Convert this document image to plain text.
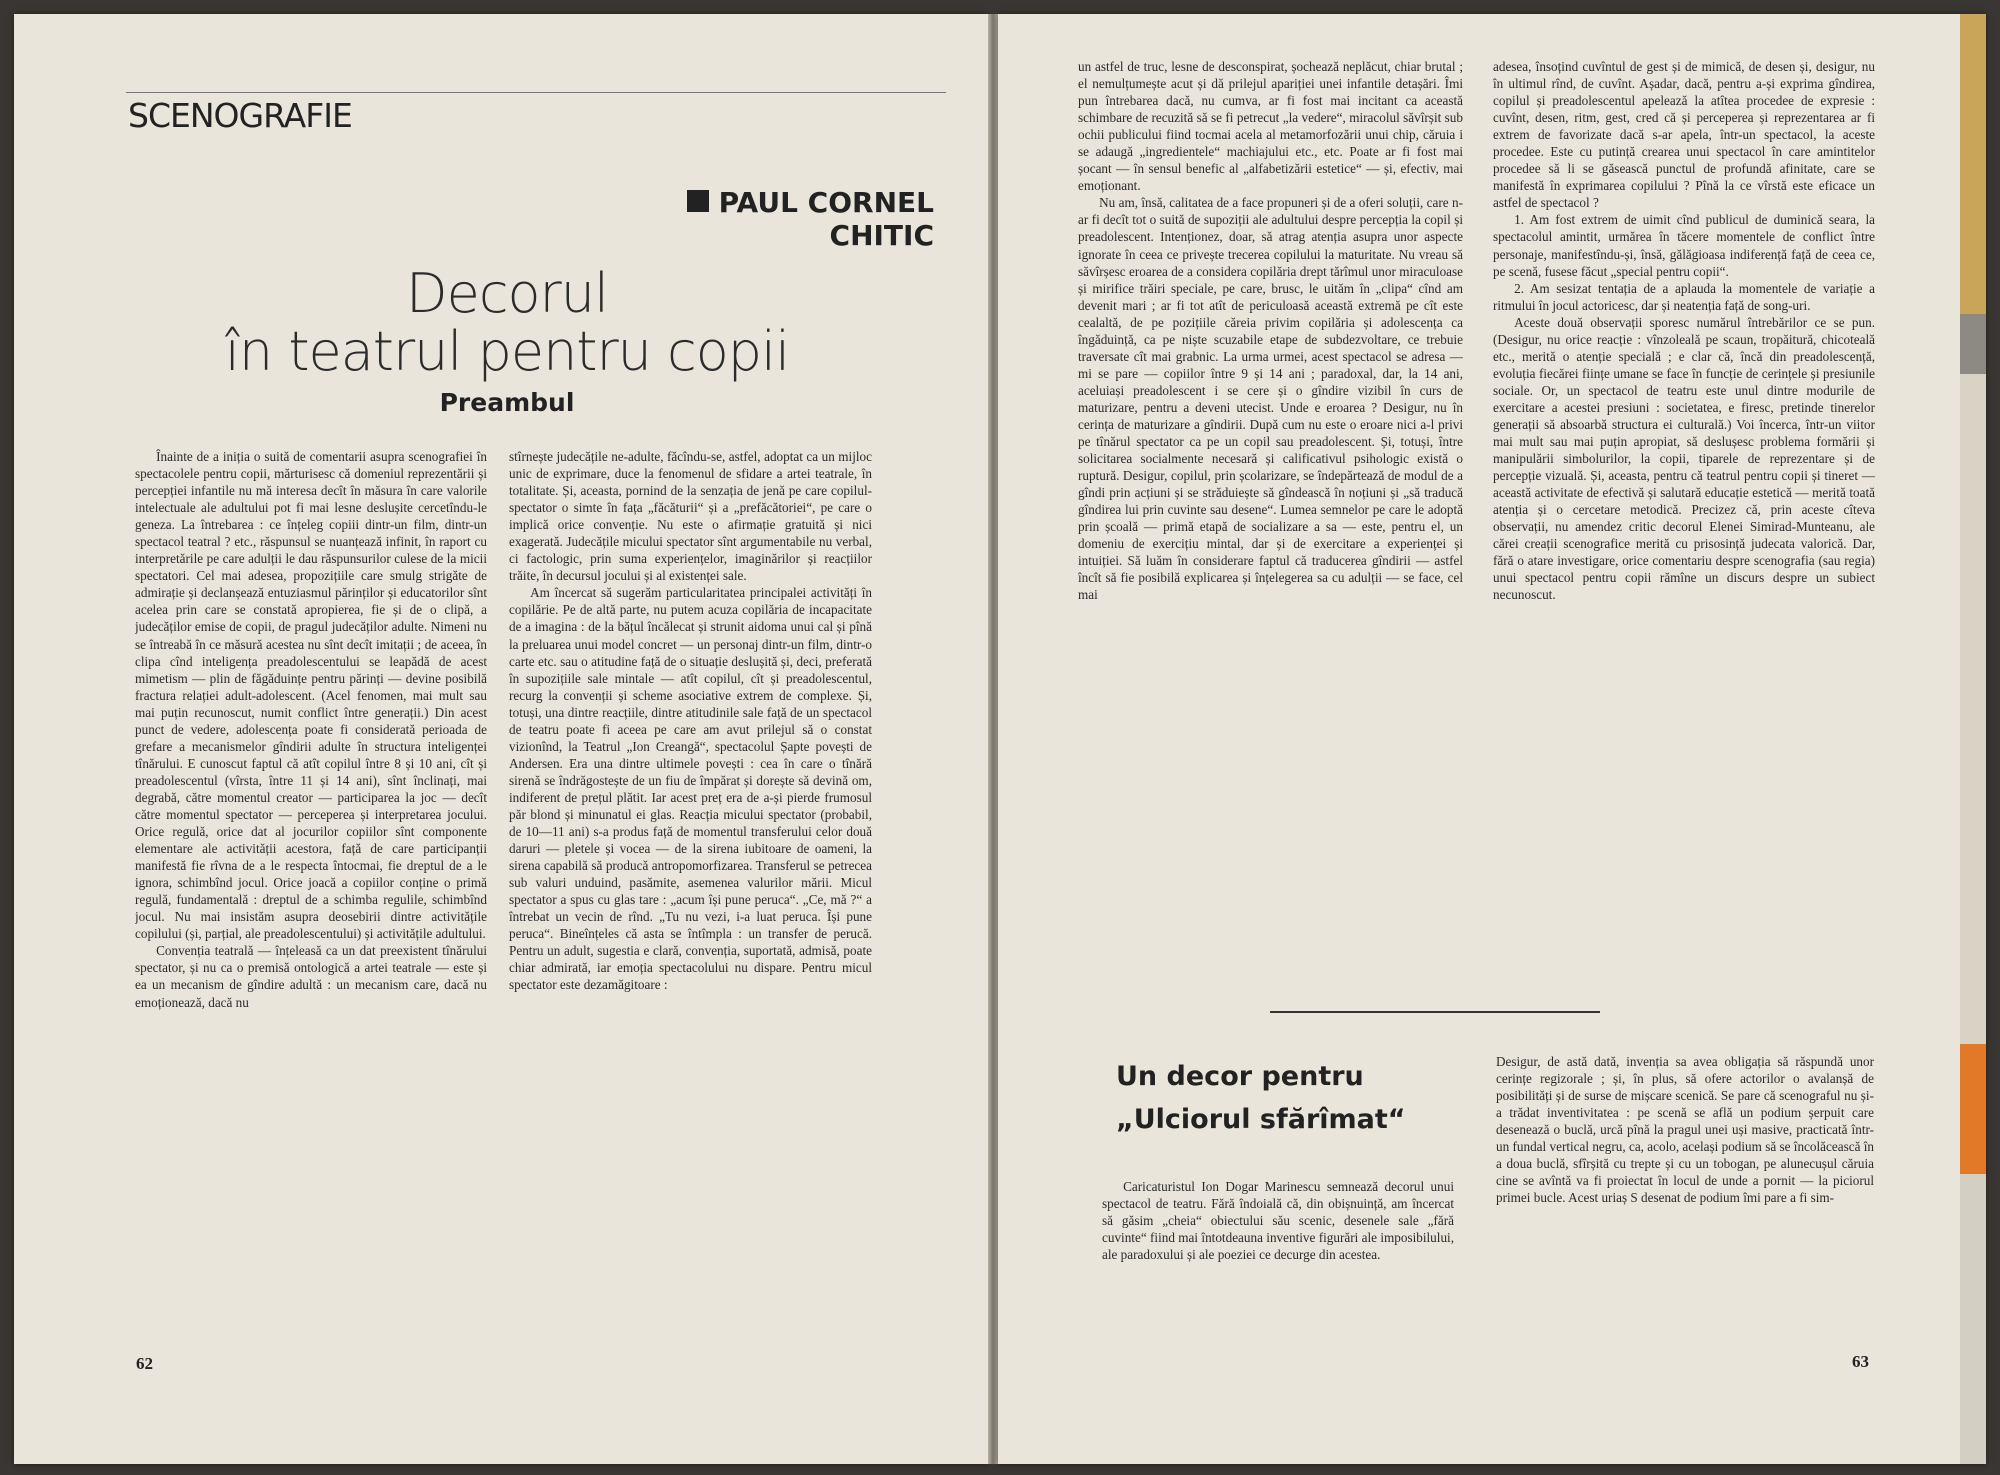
SCENOGRAFIE
PAUL CORNEL
CHITIC
Decorul
în teatrul pentru copii
Preambul

Înainte de a iniția o suită de comentarii asupra scenografiei în spectacolele pentru copii, mărturisesc că domeniul reprezentării și percepției infantile nu mă interesa decît în măsura în care valorile intelectuale ale adultului pot fi mai lesne deslușite cercetîndu-le geneza. La întrebarea : ce înțeleg copiii dintr-un film, dintr-un spectacol teatral ? etc., răspunsul se nuanțează infinit, în raport cu interpretările pe care adulții le dau răspunsurilor culese de la micii spectatori. Cel mai adesea, propozițiile care smulg strigăte de admirație și declanșează entuziasmul părinților și educatorilor sînt acelea prin care se constată apropierea, fie și de o clipă, a judecăților emise de copii, de pragul judecăților adulte. Nimeni nu se întreabă în ce măsură acestea nu sînt decît imitații ; de aceea, în clipa cînd inteligența preadolescentului se leapădă de acest mimetism — plin de făgăduințe pentru părinți — devine posibilă fractura relației adult-adolescent. (Acel fenomen, mai mult sau mai puțin recunoscut, numit conflict între generații.) Din acest punct de vedere, adolescența poate fi considerată perioada de grefare a mecanismelor gîndirii adulte în structura inteligenței tînărului. E cunoscut faptul că atît copilul între 8 și 10 ani, cît și preadolescentul (vîrsta, între 11 și 14 ani), sînt înclinați, mai degrabă, către momentul creator — participarea la joc — decît către momentul spectator — perceperea și interpretarea jocului. Orice regulă, orice dat al jocurilor copiilor sînt componente elementare ale activității acestora, față de care participanții manifestă fie rîvna de a le respecta întocmai, fie dreptul de a le ignora, schimbînd jocul. Orice joacă a copiilor conține o primă regulă, fundamentală : dreptul de a schimba regulile, schimbînd jocul. Nu mai insistăm asupra deosebirii dintre activitățile copilului (și, parțial, ale preadolescentului) și activitățile adultului.

Convenția teatrală — înțeleasă ca un dat preexistent tînărului spectator, și nu ca o premisă ontologică a artei teatrale — este și ea un mecanism de gîndire adultă : un mecanism care, dacă nu emoționează, dacă nu

stîrnește judecățile ne-adulte, făcîndu-se, astfel, adoptat ca un mijloc unic de exprimare, duce la fenomenul de sfidare a artei teatrale, în totalitate. Și, aceasta, pornind de la senzația de jenă pe care copilul-spectator o simte în fața „făcăturii“ și a „prefăcătoriei“, pe care o implică orice convenție. Nu este o afirmație gratuită și nici exagerată. Judecățile micului spectator sînt argumentabile nu verbal, ci factologic, prin suma experiențelor, imaginărilor și reacțiilor trăite, în decursul jocului și al existenței sale.

Am încercat să sugerăm particularitatea principalei activități în copilărie. Pe de altă parte, nu putem acuza copilăria de incapacitate de a imagina : de la bățul încălecat și strunit aidoma unui cal și pînă la preluarea unui model concret — un personaj dintr-un film, dintr-o carte etc. sau o atitudine față de o situație deslușită și, deci, preferată în supozițiile sale mintale — atît copilul, cît și preadolescentul, recurg la convenții și scheme asociative extrem de complexe. Și, totuși, una dintre reacțiile, dintre atitudinile sale față de un spectacol de teatru poate fi aceea pe care am avut prilejul să o constat vizionînd, la Teatrul „Ion Creangă“, spectacolul Șapte povești de Andersen. Era una dintre ultimele povești : cea în care o tînără sirenă se îndrăgostește de un fiu de împărat și dorește să devină om, indiferent de prețul plătit. Iar acest preț era de a-și pierde frumosul păr blond și minunatul ei glas. Reacția micului spectator (probabil, de 10—11 ani) s-a produs față de momentul transferului celor două daruri — pletele și vocea — de la sirena iubitoare de oameni, la sirena capabilă să producă antropomorfizarea. Transferul se petrecea sub valuri unduind, pasămite, asemenea valurilor mării. Micul spectator a spus cu glas tare : „acum își pune peruca“. „Ce, mă ?“ a întrebat un vecin de rînd. „Tu nu vezi, i-a luat peruca. Își pune peruca“. Bineînțeles că asta se întîmpla : un transfer de perucă. Pentru un adult, sugestia e clară, convenția, suportată, admisă, poate chiar admirată, iar emoția spectacolului nu dispare. Pentru micul spectator este dezamăgitoare :

62

un astfel de truc, lesne de desconspirat, șochează neplăcut, chiar brutal ; el nemulțumește acut și dă prilejul apariției unei infantile detașări. Îmi pun întrebarea dacă, nu cumva, ar fi fost mai incitant ca această schimbare de recuzită să se fi petrecut „la vedere“, miracolul săvîrșit sub ochii publicului fiind tocmai acela al metamorfozării unui chip, căruia i se adaugă „ingredientele“ machiajului etc., etc. Poate ar fi fost mai șocant — în sensul benefic al „alfabetizării estetice“ — și, efectiv, mai emoționant.

Nu am, însă, calitatea de a face propuneri și de a oferi soluții, care n-ar fi decît tot o suită de supoziții ale adultului despre percepția la copil și preadolescent. Intenționez, doar, să atrag atenția asupra unor aspecte ignorate în ceea ce privește trecerea copilului la maturitate. Nu vreau să săvîrșesc eroarea de a considera copilăria drept tărîmul unor miraculoase și mirifice trăiri speciale, pe care, brusc, le uităm în „clipa“ cînd am devenit mari ; ar fi tot atît de periculoasă această extremă pe cît este cealaltă, de pe pozițiile căreia privim copilăria și adolescența ca îngăduință, ca pe niște scuzabile etape de subdezvoltare, ce trebuie traversate cît mai grabnic. La urma urmei, acest spectacol se adresa — mi se pare — copiilor între 9 și 14 ani ; paradoxal, dar, la 14 ani, aceluiași preadolescent i se cere și o gîndire vizibil în curs de maturizare, pentru a deveni utecist. Unde e eroarea ? Desigur, nu în cerința de maturizare a gîndirii. După cum nu este o eroare nici a-l privi pe tînărul spectator ca pe un copil sau preadolescent. Și, totuși, între solicitarea socialmente necesară și calificativul psihologic există o ruptură. Desigur, copilul, prin școlarizare, se îndepărtează de modul de a gîndi prin acțiuni și se străduiește să gîndească în noțiuni și „să traducă gîndirea lui prin cuvinte sau desene“. Lumea semnelor pe care le adoptă prin școală — primă etapă de socializare a sa — este, pentru el, un domeniu de exercițiu mintal, dar și de exercitare a experienței și intuiției. Să luăm în considerare faptul că traducerea gîndirii — astfel încît să fie posibilă explicarea și înțelegerea sa cu adulții — se face, cel mai

adesea, însoțind cuvîntul de gest și de mimică, de desen și, desigur, nu în ultimul rînd, de cuvînt. Așadar, dacă, pentru a-și exprima gîndirea, copilul și preadolescentul apelează la atîtea procedee de expresie : cuvînt, desen, ritm, gest, cred că și perceperea și reprezentarea ar fi extrem de favorizate dacă s-ar apela, într-un spectacol, la aceste procedee. Este cu putință crearea unui spectacol în care amintitelor procedee să li se găsească punctul de profundă afinitate, care se manifestă în exprimarea copilului ? Pînă la ce vîrstă este eficace un astfel de spectacol ?

1. Am fost extrem de uimit cînd publicul de duminică seara, la spectacolul amintit, urmărea în tăcere momentele de conflict între personaje, manifestîndu-și, însă, gălăgioasa indiferență față de ceea ce, pe scenă, fusese făcut „special pentru copii“.

2. Am sesizat tentația de a aplauda la momentele de variație a ritmului în jocul actoricesc, dar și neatenția față de song-uri.

Aceste două observații sporesc numărul întrebărilor ce se pun. (Desigur, nu orice reacție : vînzoleală pe scaun, tropăitură, chicoteală etc., merită o atenție specială ; e clar că, încă din preadolescență, evoluția fiecărei ființe umane se face în funcție de cerințele și presiunile sociale. Or, un spectacol de teatru este unul dintre modurile de exercitare a acestei presiuni : societatea, e firesc, pretinde tinerelor generații să absoarbă structura ei culturală.) Voi încerca, într-un viitor mai mult sau mai puțin apropiat, să deslușesc problema formării și manipulării simbolurilor, la copii, tiparele de reprezentare și de percepție vizuală. Și, aceasta, pentru că teatrul pentru copii și tineret — această activitate de efectivă și salutară educație estetică — merită toată atenția și o cercetare metodică. Precizez că, prin aceste cîteva observații, nu amendez critic decorul Elenei Simirad-Munteanu, ale cărei creații scenografice merită cu prisosință judecata valorică. Dar, fără o atare investigare, orice comentariu despre scenografia (sau regia) unui spectacol pentru copii rămîne un discurs despre un subiect necunoscut.

Un decor pentru
„Ulciorul sfărîmat“

Caricaturistul Ion Dogar Marinescu semnează decorul unui spectacol de teatru. Fără îndoială că, din obișnuință, am încercat să găsim „cheia“ obiectului său scenic, desenele sale „fără cuvinte“ fiind mai întotdeauna inventive figurări ale imposibilului, ale paradoxului și ale poeziei ce decurge din acestea.

Desigur, de astă dată, invenția sa avea obligația să răspundă unor cerințe regizorale ; și, în plus, să ofere actorilor o avalanșă de posibilități și de surse de mișcare scenică. Se pare că scenograful nu și-a trădat inventivitatea : pe scenă se află un podium șerpuit care desenează o buclă, urcă pînă la pragul unei uși masive, practicată într-un fundal vertical negru, ca, acolo, același podium să se încolăcească în a doua buclă, sfîrșită cu trepte și cu un tobogan, pe alunecușul căruia cine se avîntă va fi proiectat în locul de unde a pornit — la piciorul primei bucle. Acest uriaș S desenat de podium îmi pare a fi sim-

63
